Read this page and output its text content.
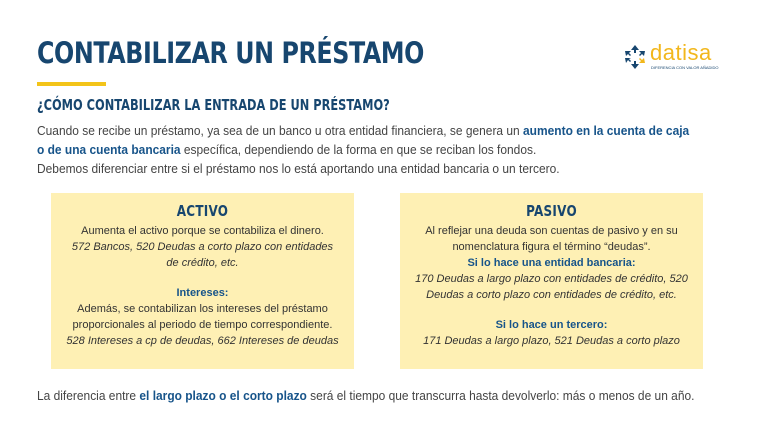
CONTABILIZAR UN PRÉSTAMO	datisa
DIFERENCIA CON VALOR AÑADIDO
¿CÓMO CONTABILIZAR LA ENTRADA DE UN PRÉSTAMO?
Cuando se recibe un préstamo, ya sea de un banco u otra entidad financiera, se genera un aumento en la cuenta de caja
o de una cuenta bancaria específica, dependiendo de la forma en que se reciban los fondos.
Debemos diferenciar entre si el préstamo nos lo está aportando una entidad bancaria o un tercero.
ACTIVO

Aumenta el activo porque se contabiliza el dinero.

572 Bancos, 520 Deudas a corto plazo con entidades

de crédito, etc.

Intereses:

Además, se contabilizan los intereses del préstamo

proporcionales al periodo de tiempo correspondiente.

528 Intereses a cp de deudas, 662 Intereses de deudas

PASIVO

Al reflejar una deuda son cuentas de pasivo y en su

nomenclatura figura el término “deudas”.

Si lo hace una entidad bancaria:

170 Deudas a largo plazo con entidades de crédito, 520

Deudas a corto plazo con entidades de crédito, etc.

Si lo hace un tercero:

171 Deudas a largo plazo, 521 Deudas a corto plazo

La diferencia entre el largo plazo o el corto plazo será el tiempo que transcurra hasta devolverlo: más o menos de un año.
